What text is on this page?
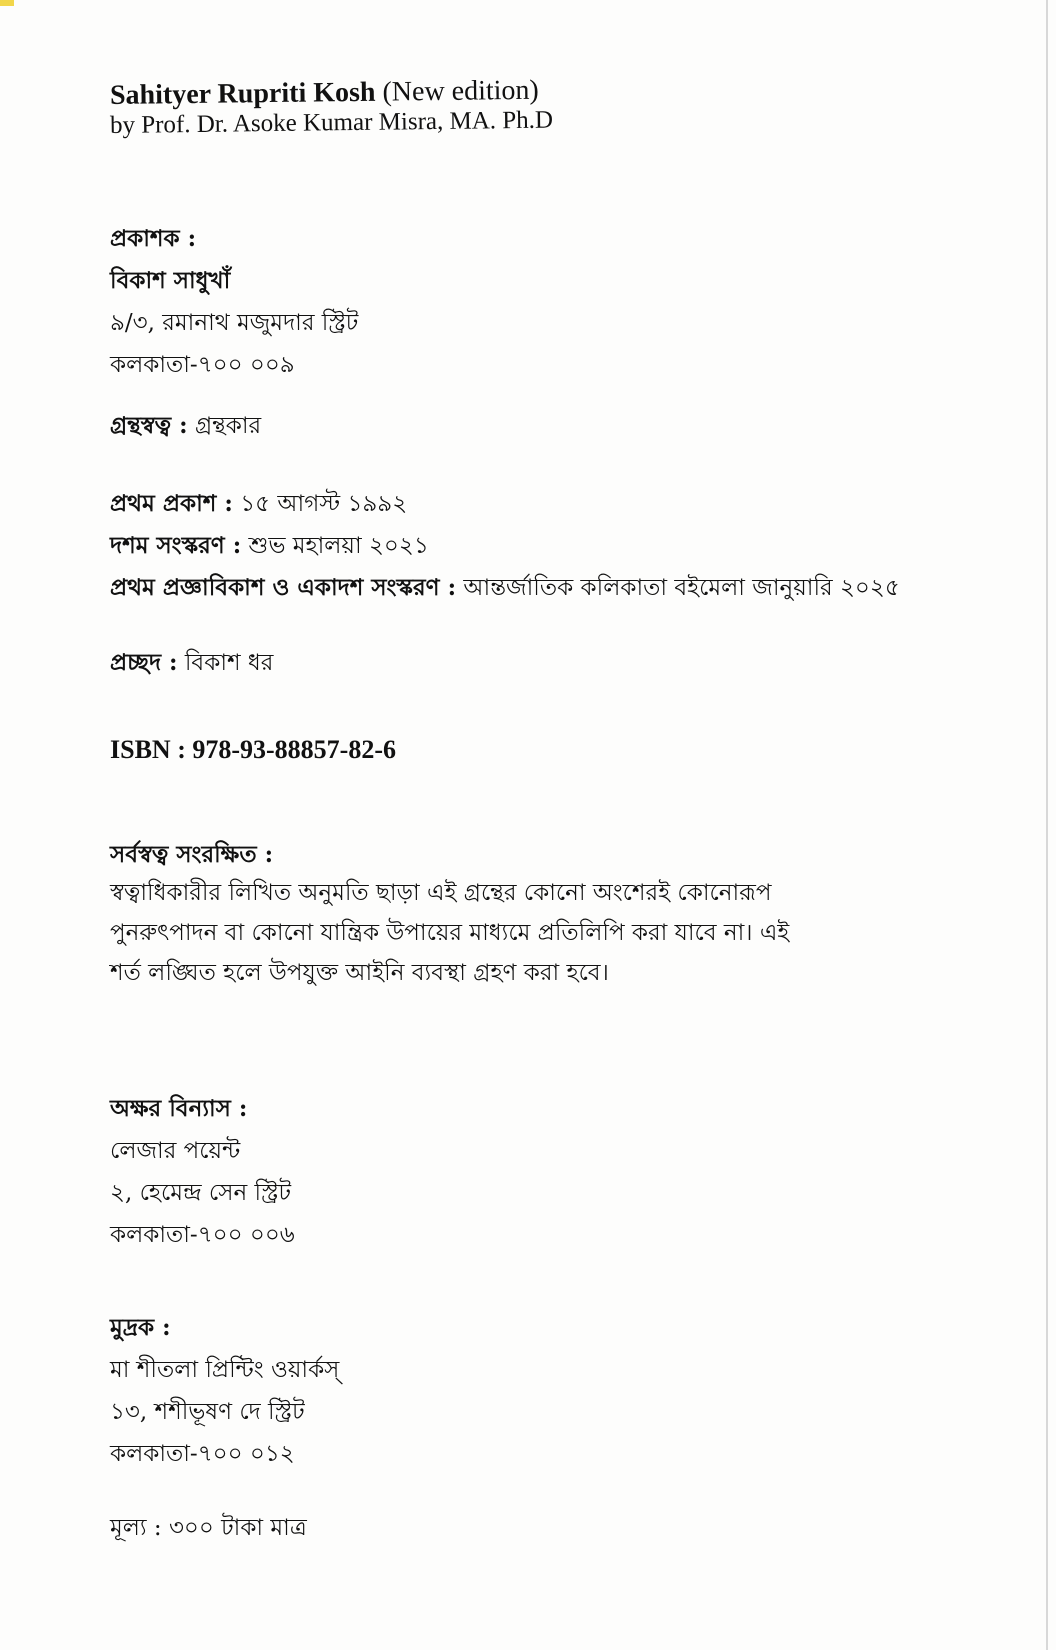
Sahityer Rupriti Kosh (New edition)
by Prof. Dr. Asoke Kumar Misra, MA. Ph.D
প্রকাশক :
বিকাশ সাধুখাঁ
৯/৩, রমানাথ মজুমদার স্ট্রিট
কলকাতা-৭০০ ০০৯
গ্রন্থস্বত্ব : গ্রন্থকার
প্রথম প্রকাশ : ১৫ আগস্ট ১৯৯২
দশম সংস্করণ : শুভ মহালয়া ২০২১
প্রথম প্রজ্ঞাবিকাশ ও একাদশ সংস্করণ : আন্তর্জাতিক কলিকাতা বইমেলা জানুয়ারি ২০২৫
প্রচ্ছদ : বিকাশ ধর
ISBN : 978-93-88857-82-6
সর্বস্বত্ব সংরক্ষিত :
স্বত্বাধিকারীর লিখিত অনুমতি ছাড়া এই গ্রন্থের কোনো অংশেরই কোনোরূপ
পুনরুৎপাদন বা কোনো যান্ত্রিক উপায়ের মাধ্যমে প্রতিলিপি করা যাবে না। এই
শর্ত লঙ্ঘিত হলে উপযুক্ত আইনি ব্যবস্থা গ্রহণ করা হবে।
অক্ষর বিন্যাস :
লেজার পয়েন্ট
২, হেমেন্দ্র সেন স্ট্রিট
কলকাতা-৭০০ ০০৬
মুদ্রক :
মা শীতলা প্রিন্টিং ওয়ার্কস্
১৩, শশীভূষণ দে স্ট্রিট
কলকাতা-৭০০ ০১২
মূল্য : ৩০০ টাকা মাত্র
